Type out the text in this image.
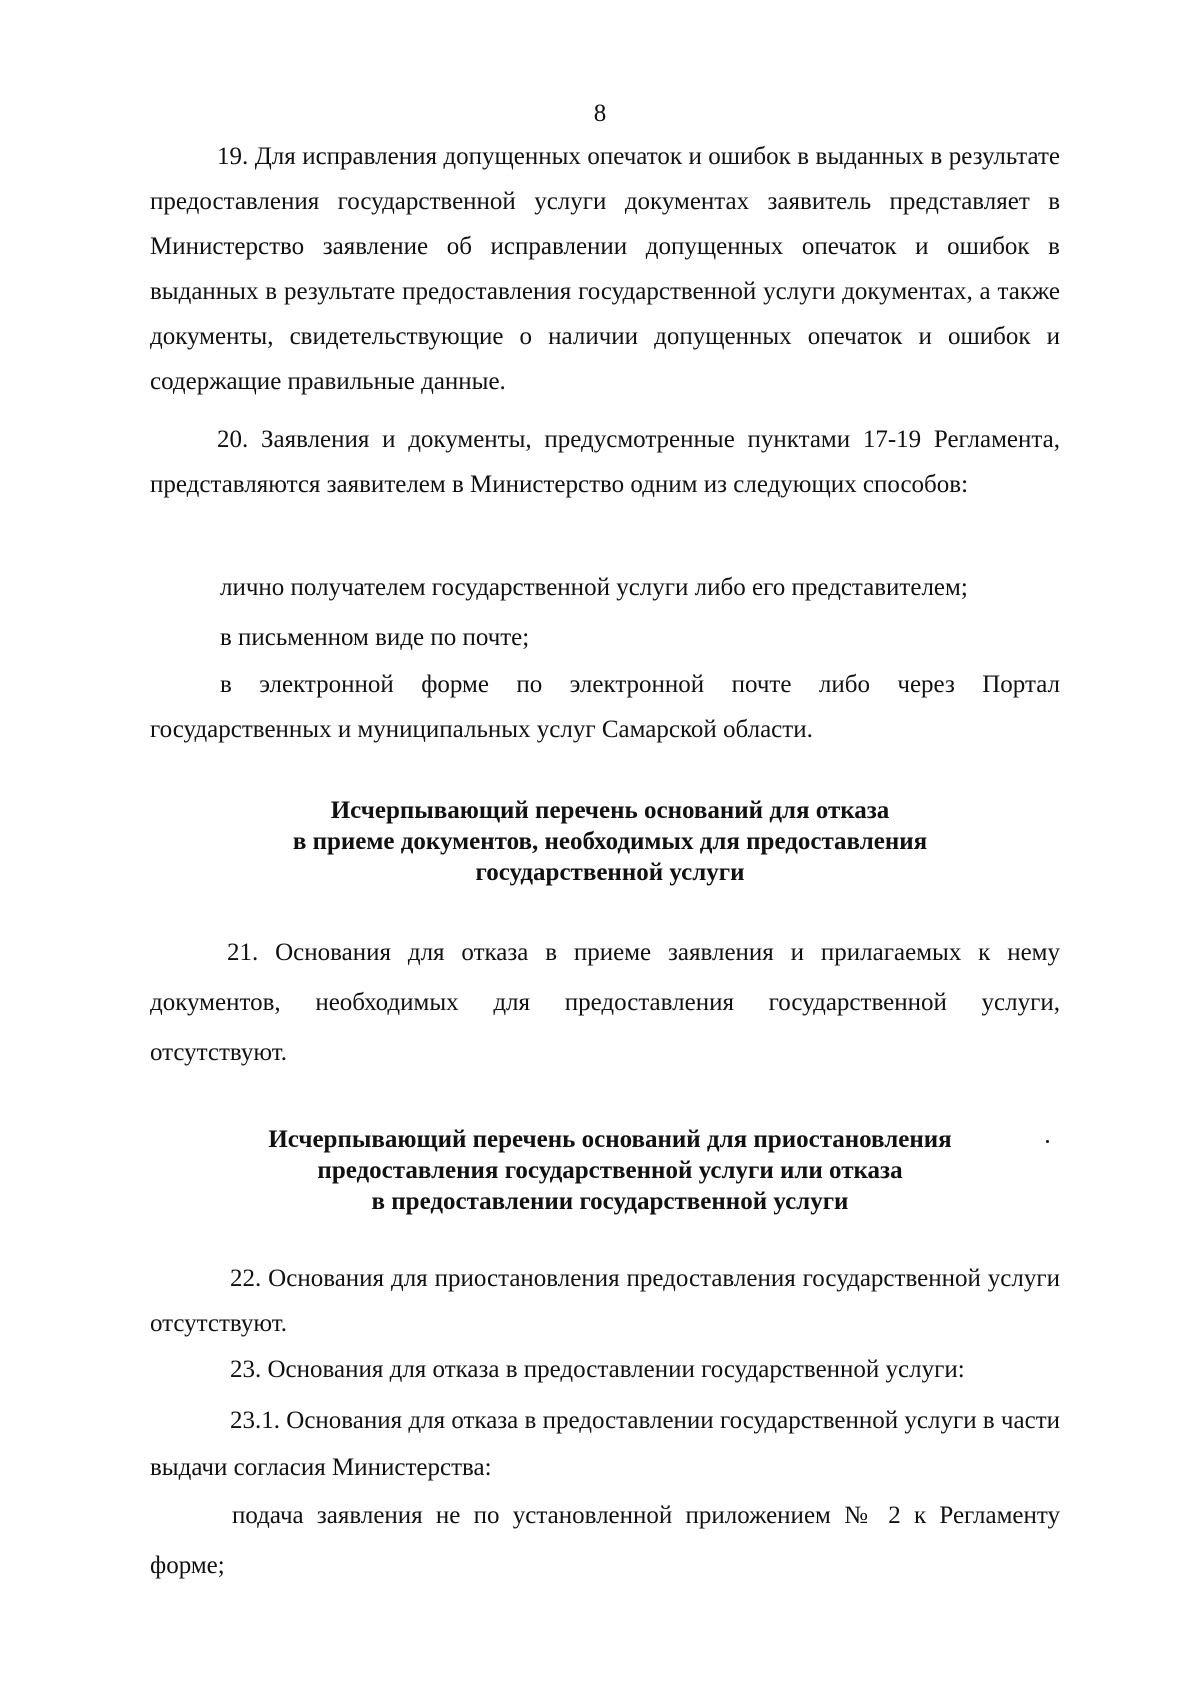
8

19. Для исправления допущенных опечаток и ошибок в выданных в результате предоставления государственной услуги документах заявитель представляет в Министерство заявление об исправлении допущенных опечаток и ошибок в выданных в результате предоставления государственной услуги документах, а также документы, свидетельствующие о наличии допущенных опечаток и ошибок и содержащие правильные данные.

20. Заявления и документы, предусмотренные пунктами 17-19 Регламента, представляются заявителем в Министерство одним из следующих способов:

лично получателем государственной услуги либо его представителем;

в письменном виде по почте;

в электронной форме по электронной почте либо через Портал государственных и муниципальных услуг Самарской области.

Исчерпывающий перечень оснований для отказа
в приеме документов, необходимых для предоставления
государственной услуги

21. Основания для отказа в приеме заявления и прилагаемых к нему документов, необходимых для предоставления государственной услуги, отсутствуют.

Исчерпывающий перечень оснований для приостановления
предоставления государственной услуги или отказа
в предоставлении государственной услуги

22. Основания для приостановления предоставления государственной услуги отсутствуют.

23. Основания для отказа в предоставлении государственной услуги:

23.1. Основания для отказа в предоставлении государственной услуги в части выдачи согласия Министерства:

подача заявления не по установленной приложением № 2 к Регламенту форме;
